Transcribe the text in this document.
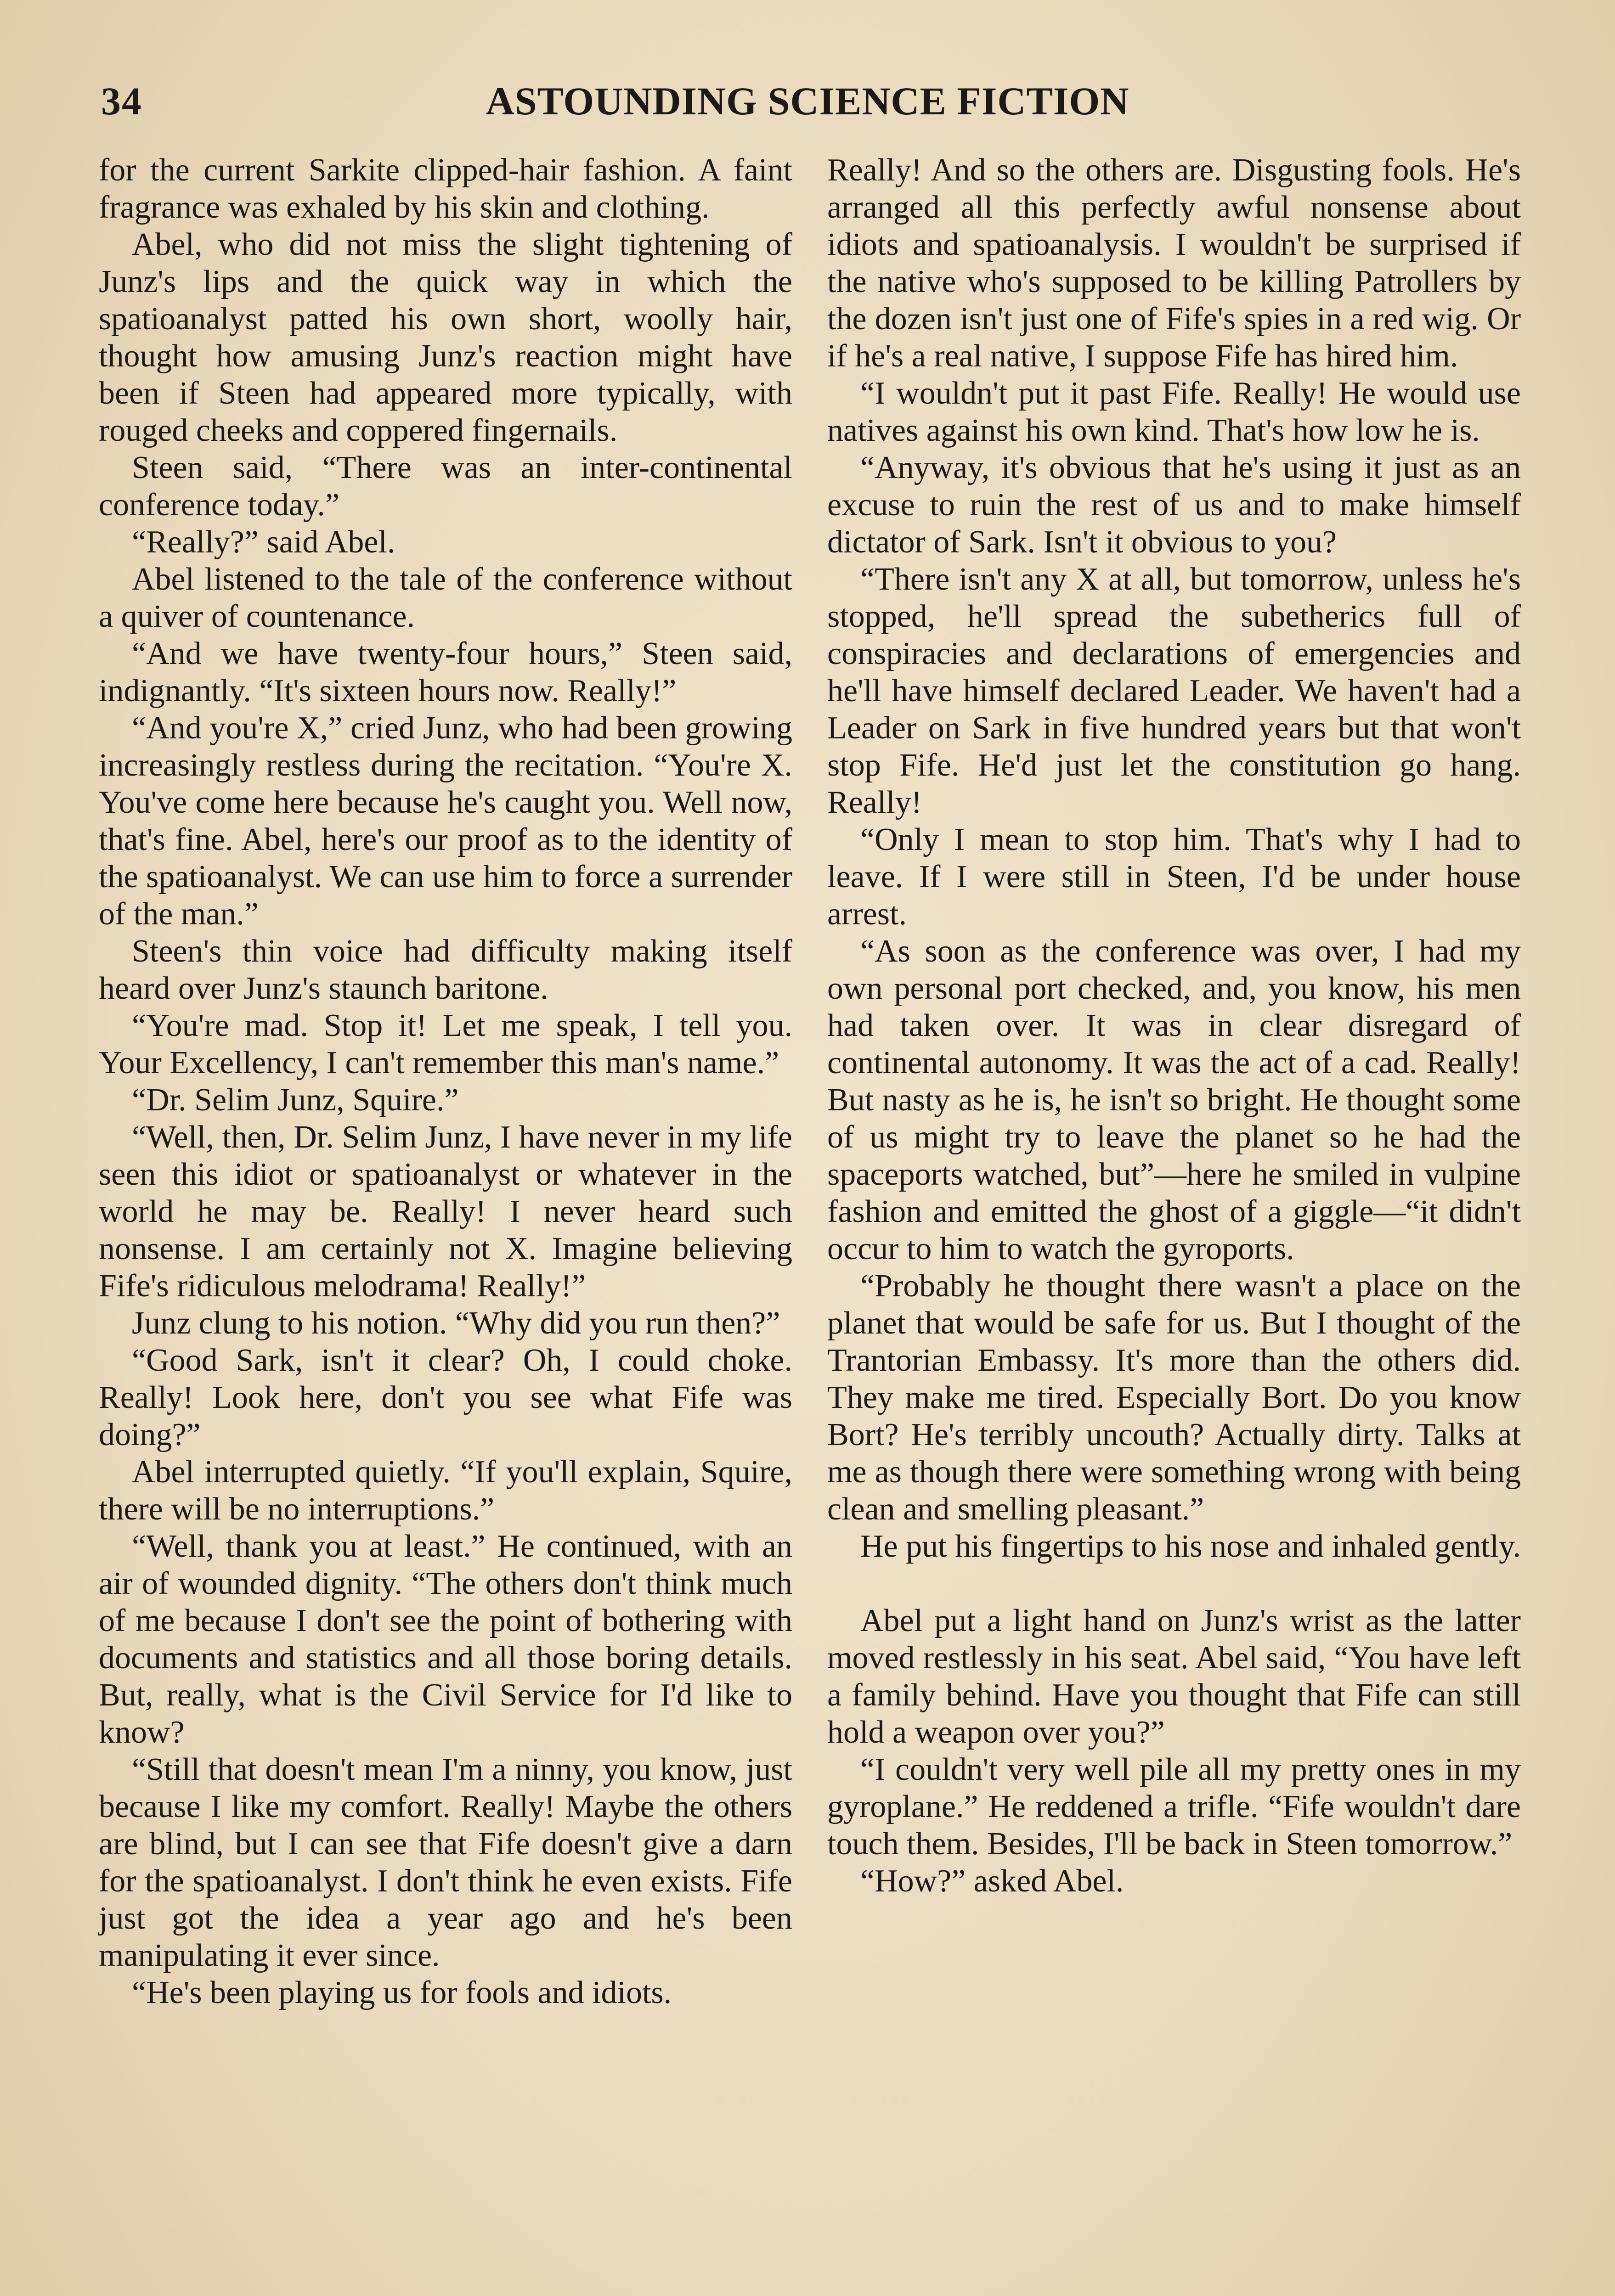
34	ASTOUNDING SCIENCE FICTION

for the current Sarkite clipped-hair fashion. A faint fragrance was exhaled by his skin and clothing.

Abel, who did not miss the slight tightening of Junz's lips and the quick way in which the spatioanalyst patted his own short, woolly hair, thought how amusing Junz's reaction might have been if Steen had appeared more typically, with rouged cheeks and coppered fingernails.

Steen said, “There was an inter-continental conference today.”

“Really?” said Abel.

Abel listened to the tale of the conference without a quiver of countenance.

“And we have twenty-four hours,” Steen said, indignantly. “It's sixteen hours now. Really!”

“And you're X,” cried Junz, who had been growing increasingly restless during the recitation. “You're X. You've come here because he's caught you. Well now, that's fine. Abel, here's our proof as to the identity of the spatioanalyst. We can use him to force a surrender of the man.”

Steen's thin voice had difficulty making itself heard over Junz's staunch baritone.

“You're mad. Stop it! Let me speak, I tell you. Your Excellency, I can't remember this man's name.”

“Dr. Selim Junz, Squire.”

“Well, then, Dr. Selim Junz, I have never in my life seen this idiot or spatioanalyst or whatever in the world he may be. Really! I never heard such nonsense. I am certainly not X. Imagine believing Fife's ridiculous melodrama! Really!”

Junz clung to his notion. “Why did you run then?”

“Good Sark, isn't it clear? Oh, I could choke. Really! Look here, don't you see what Fife was doing?”

Abel interrupted quietly. “If you'll explain, Squire, there will be no interruptions.”

“Well, thank you at least.” He continued, with an air of wounded dignity. “The others don't think much of me because I don't see the point of bothering with documents and statistics and all those boring details. But, really, what is the Civil Service for I'd like to know?

“Still that doesn't mean I'm a ninny, you know, just because I like my comfort. Really! Maybe the others are blind, but I can see that Fife doesn't give a darn for the spatioanalyst. I don't think he even exists. Fife just got the idea a year ago and he's been manipulating it ever since.

“He's been playing us for fools and idiots.

Really! And so the others are. Disgusting fools. He's arranged all this perfectly awful nonsense about idiots and spatioanalysis. I wouldn't be surprised if the native who's supposed to be killing Patrollers by the dozen isn't just one of Fife's spies in a red wig. Or if he's a real native, I suppose Fife has hired him.

“I wouldn't put it past Fife. Really! He would use natives against his own kind. That's how low he is.

“Anyway, it's obvious that he's using it just as an excuse to ruin the rest of us and to make himself dictator of Sark. Isn't it obvious to you?

“There isn't any X at all, but tomorrow, unless he's stopped, he'll spread the subetherics full of conspiracies and declarations of emergencies and he'll have himself declared Leader. We haven't had a Leader on Sark in five hundred years but that won't stop Fife. He'd just let the constitution go hang. Really!

“Only I mean to stop him. That's why I had to leave. If I were still in Steen, I'd be under house arrest.

“As soon as the conference was over, I had my own personal port checked, and, you know, his men had taken over. It was in clear disregard of continental autonomy. It was the act of a cad. Really! But nasty as he is, he isn't so bright. He thought some of us might try to leave the planet so he had the spaceports watched, but”—here he smiled in vulpine fashion and emitted the ghost of a giggle—“it didn't occur to him to watch the gyroports.

“Probably he thought there wasn't a place on the planet that would be safe for us. But I thought of the Trantorian Embassy. It's more than the others did. They make me tired. Especially Bort. Do you know Bort? He's terribly uncouth? Actually dirty. Talks at me as though there were something wrong with being clean and smelling pleasant.”

He put his fingertips to his nose and inhaled gently.

Abel put a light hand on Junz's wrist as the latter moved restlessly in his seat. Abel said, “You have left a family behind. Have you thought that Fife can still hold a weapon over you?”

“I couldn't very well pile all my pretty ones in my gyroplane.” He reddened a trifle. “Fife wouldn't dare touch them. Besides, I'll be back in Steen tomorrow.”

“How?” asked Abel.
